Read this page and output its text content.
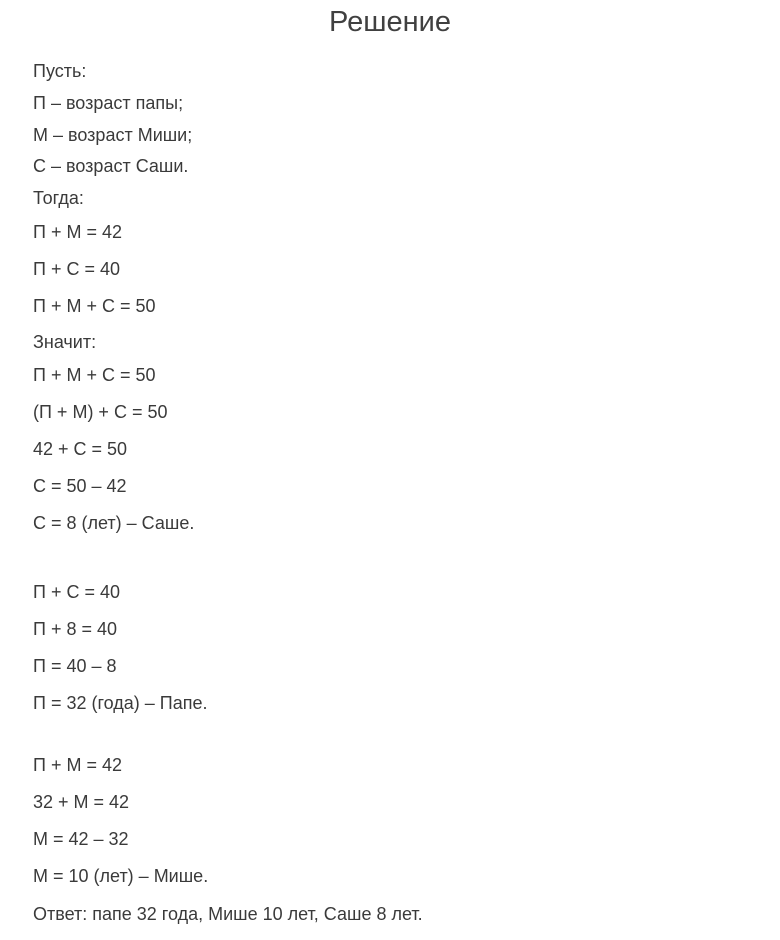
Решение
Пусть:
П – возраст папы;
М – возраст Миши;
С – возраст Саши.
Тогда:
П + М = 42
П + С = 40
П + М + С = 50
Значит:
П + М + С = 50
(П + М) + С = 50
42 + С = 50
С = 50 – 42
С = 8 (лет) – Саше.
П + С = 40
П + 8 = 40
П = 40 – 8
П = 32 (года) – Папе.
П + М = 42
32 + М = 42
М = 42 – 32
М = 10 (лет) – Мише.
Ответ: папе 32 года, Мише 10 лет, Саше 8 лет.
